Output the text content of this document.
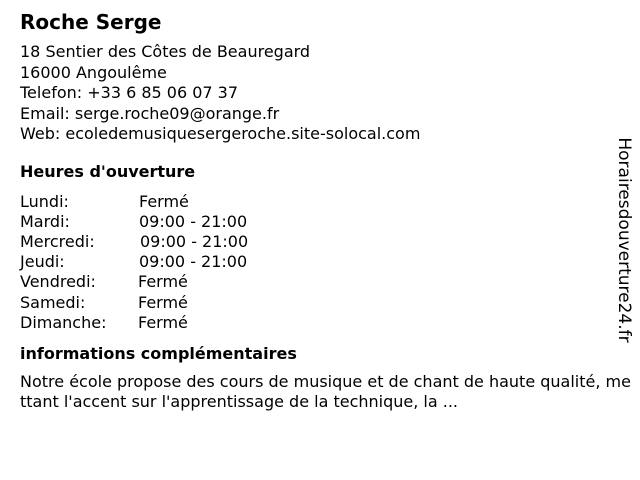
Roche Serge
18 Sentier des Côtes de Beauregard
16000 Angoulême
Telefon: +33 6 85 06 07 37
Email: serge.roche09@orange.fr
Web: ecoledemusiquesergeroche.site-solocal.com
Heures d'ouverture
Lundi:	Fermé
Mardi:	09:00 - 21:00
Mercredi:	09:00 - 21:00
Jeudi:	09:00 - 21:00
Vendredi:	Fermé
Samedi:	Fermé
Dimanche: Fermé
informations complémentaires
Notre école propose des cours de musique et de chant de haute qualité, mettant l'accent sur l'apprentissage de la technique, la ...
Horairesdouverture24.fr
